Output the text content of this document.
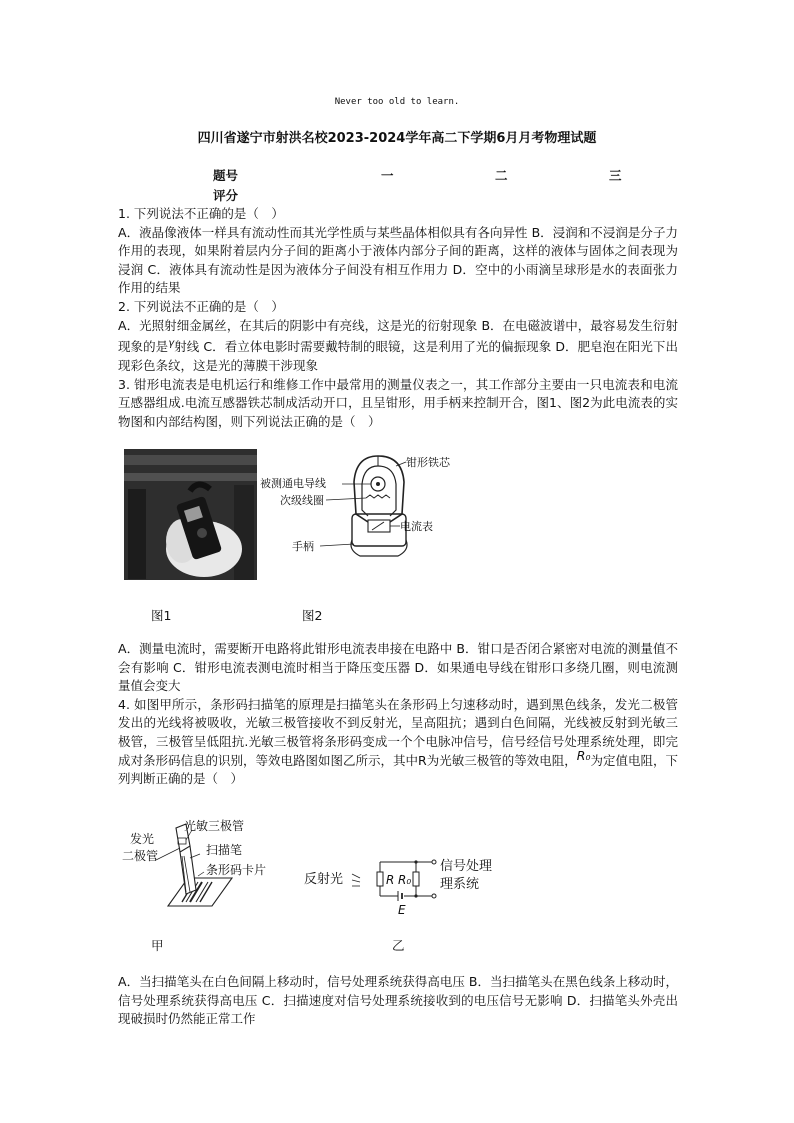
Never too old to learn.
四川省遂宁市射洪名校2023-2024学年高二下学期6月月考物理试题
题号	一	二	三
评分

1. 下列说法不正确的是（　）

A．液晶像液体一样具有流动性而其光学性质与某些晶体相似具有各向异性 B．浸润和不浸润是分子力作用的表现，如果附着层内分子间的距离小于液体内部分子间的距离，这样的液体与固体之间表现为浸润 C．液体具有流动性是因为液体分子间没有相互作用力 D．空中的小雨滴呈球形是水的表面张力作用的结果

2. 下列说法不正确的是（　）

A．光照射细金属丝，在其后的阴影中有亮线，这是光的衍射现象 B．在电磁波谱中，最容易发生衍射现象的是$^\gamma$射线 C．看立体电影时需要戴特制的眼镜，这是利用了光的偏振现象 D．肥皂泡在阳光下出现彩色条纹，这是光的薄膜干涉现象

3. 钳形电流表是电机运行和维修工作中最常用的测量仪表之一，其工作部分主要由一只电流表和电流互感器组成.电流互感器铁芯制成活动开口，且呈钳形，用手柄来控制开合，图1、图2为此电流表的实物图和内部结构图，则下列说法正确的是（　）

被测通电导线
次级线圈
手柄
钳形铁芯
电流表
图1	图2

A．测量电流时，需要断开电路将此钳形电流表串接在电路中 B．钳口是否闭合紧密对电流的测量值不会有影响 C．钳形电流表测电流时相当于降压变压器 D．如果通电导线在钳形口多绕几圈，则电流测量值会变大

4. 如图甲所示，条形码扫描笔的原理是扫描笔头在条形码上匀速移动时，遇到黑色线条，发光二极管发出的光线将被吸收，光敏三极管接收不到反射光，呈高阻抗；遇到白色间隔，光线被反射到光敏三极管，三极管呈低阻抗.光敏三极管将条形码变成一个个电脉冲信号，信号经信号处理系统处理，即完成对条形码信息的识别，等效电路图如图乙所示，其中R为光敏三极管的等效电阻，R₀为定值电阻，下列判断正确的是（　）

发光
二极管
光敏三极管
扫描笔
条形码卡片
反射光	R R₀
E
信号处理
理系统
甲	乙

A．当扫描笔头在白色间隔上移动时，信号处理系统获得高电压 B．当扫描笔头在黑色线条上移动时，信号处理系统获得高电压 C．扫描速度对信号处理系统接收到的电压信号无影响 D．扫描笔头外壳出现破损时仍然能正常工作
